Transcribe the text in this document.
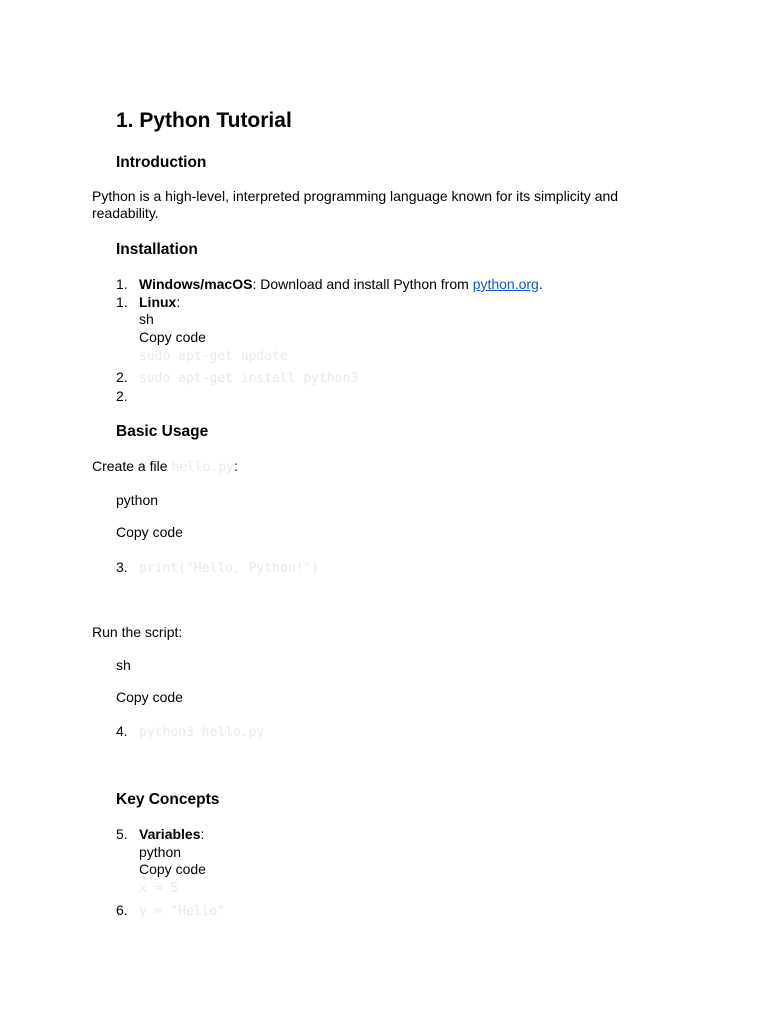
1. Python Tutorial
Introduction
Python is a high-level, interpreted programming language known for its simplicity and
readability.
Installation
1. Windows/macOS: Download and install Python from python.org.
1. Linux:
sh
Copy code
sudo apt-get update
2. sudo apt-get install python3
2.
Basic Usage
Create a file hello.py:
python
Copy code
3. print("Hello, Python!")
Run the script:
sh
Copy code
4. python3 hello.py
Key Concepts
5. Variables:
python
Copy code
x = 5
6. y = "Hello"
